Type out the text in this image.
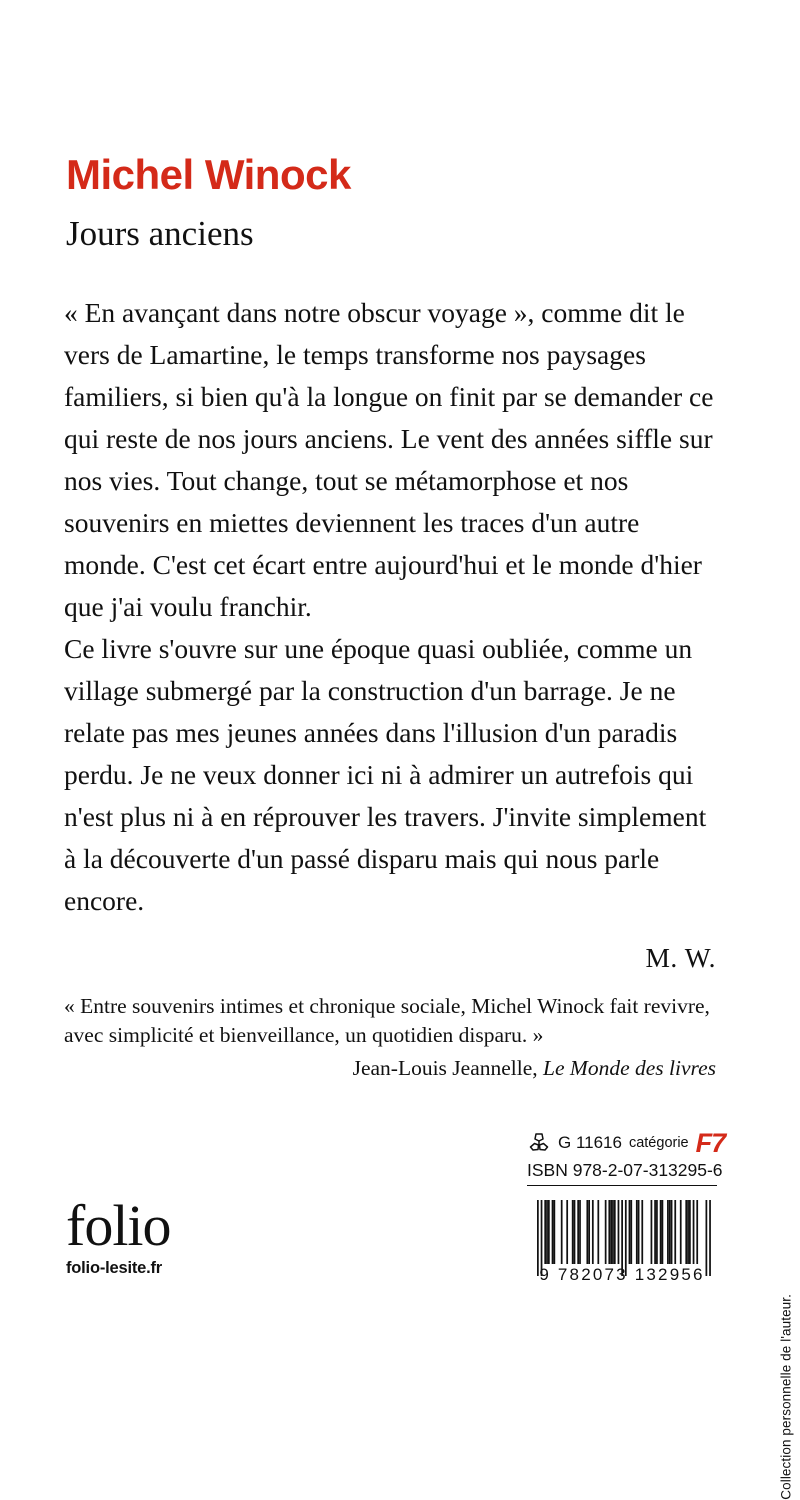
Michel Winock
Jours anciens

« En avançant dans notre obscur voyage », comme dit le vers de Lamartine, le temps transforme nos paysages familiers, si bien qu'à la longue on finit par se demander ce qui reste de nos jours anciens. Le vent des années siffle sur nos vies. Tout change, tout se métamorphose et nos souvenirs en miettes deviennent les traces d'un autre monde. C'est cet écart entre aujourd'hui et le monde d'hier que j'ai voulu franchir.

Ce livre s'ouvre sur une époque quasi oubliée, comme un village submergé par la construction d'un barrage. Je ne relate pas mes jeunes années dans l'illusion d'un paradis perdu. Je ne veux donner ici ni à admirer un autrefois qui n'est plus ni à en réprouver les travers. J'invite simplement à la découverte d'un passé disparu mais qui nous parle encore.

M. W.

« Entre souvenirs intimes et chronique sociale, Michel Winock fait revivre, avec simplicité et bienveillance, un quotidien disparu. »

Jean-Louis Jeannelle, Le Monde des livres

folio
folio-lesite.fr
G 11616 catégorie F7
ISBN 978-2-07-313295-6
9 782073 132956
Collection personnelle de l'auteur.
